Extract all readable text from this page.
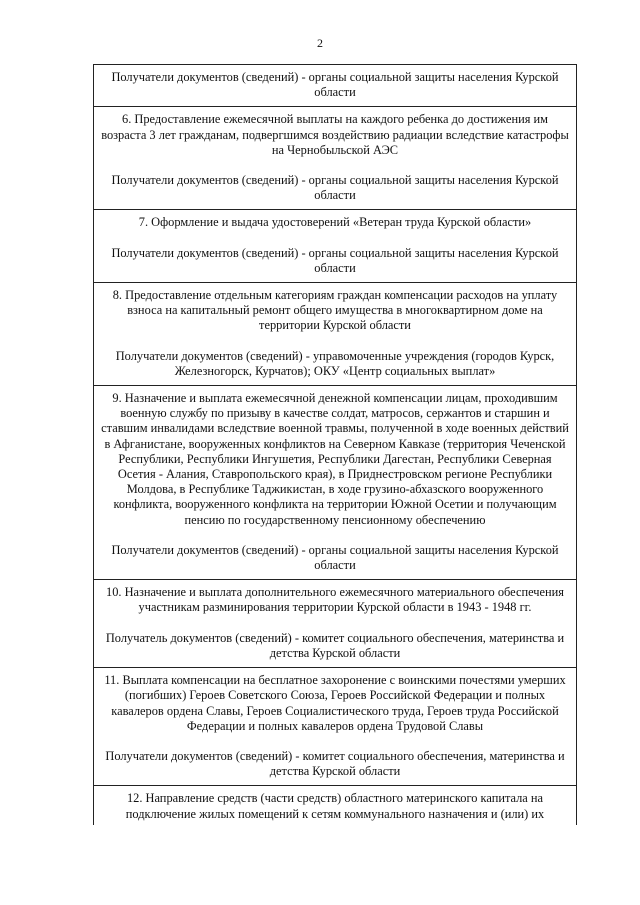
2

Получатели документов (сведений) - органы социальной защиты населения Курской области

6. Предоставление ежемесячной выплаты на каждого ребенка до достижения им возраста 3 лет гражданам, подвергшимся воздействию радиации вследствие катастрофы на Чернобыльской АЭС

Получатели документов (сведений) - органы социальной защиты населения Курской области

7. Оформление и выдача удостоверений «Ветеран труда Курской области»

Получатели документов (сведений) - органы социальной защиты населения Курской области

8. Предоставление отдельным категориям граждан компенсации расходов на уплату взноса на капитальный ремонт общего имущества в многоквартирном доме на территории Курской области

Получатели документов (сведений) - управомоченные учреждения (городов Курск, Железногорск, Курчатов); ОКУ «Центр социальных выплат»

9. Назначение и выплата ежемесячной денежной компенсации лицам, проходившим военную службу по призыву в качестве солдат, матросов, сержантов и старшин и ставшим инвалидами вследствие военной травмы, полученной в ходе военных действий в Афганистане, вооруженных конфликтов на Северном Кавказе (территория Чеченской Республики, Республики Ингушетия, Республики Дагестан, Республики Северная Осетия - Алания, Ставропольского края), в Приднестровском регионе Республики Молдова, в Республике Таджикистан, в ходе грузино-абхазского вооруженного конфликта, вооруженного конфликта на территории Южной Осетии и получающим пенсию по государственному пенсионному обеспечению

Получатели документов (сведений) - органы социальной защиты населения Курской области

10. Назначение и выплата дополнительного ежемесячного материального обеспечения участникам разминирования территории Курской области в 1943 - 1948 гг.

Получатель документов (сведений) - комитет социального обеспечения, материнства и детства Курской области

11. Выплата компенсации на бесплатное захоронение с воинскими почестями умерших (погибших) Героев Советского Союза, Героев Российской Федерации и полных кавалеров ордена Славы, Героев Социалистического труда, Героев труда Российской Федерации и полных кавалеров ордена Трудовой Славы

Получатели документов (сведений) - комитет социального обеспечения, материнства и детства Курской области

12. Направление средств (части средств) областного материнского капитала на подключение жилых помещений к сетям коммунального назначения и (или) их
